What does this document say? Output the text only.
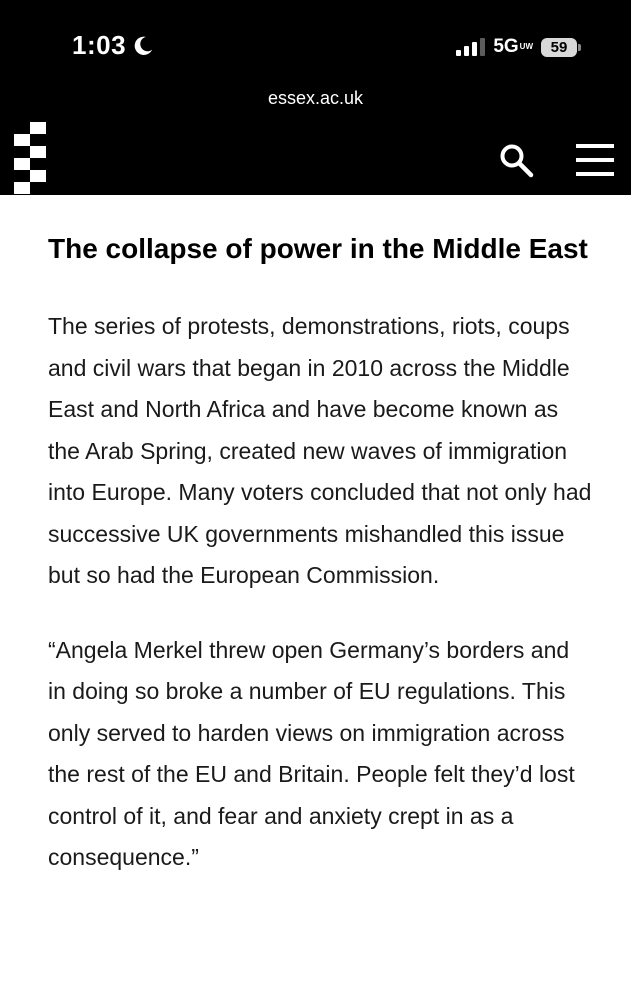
1:03	5G UW	59
essex.ac.uk
The collapse of power in the Middle East

The series of protests, demonstrations, riots, coups and civil wars that began in 2010 across the Middle East and North Africa and have become known as the Arab Spring, created new waves of immigration into Europe. Many voters concluded that not only had successive UK governments mishandled this issue but so had the European Commission.

“Angela Merkel threw open Germany’s borders and in doing so broke a number of EU regulations. This only served to harden views on immigration across the rest of the EU and Britain. People felt they’d lost control of it, and fear and anxiety crept in as a consequence.”
